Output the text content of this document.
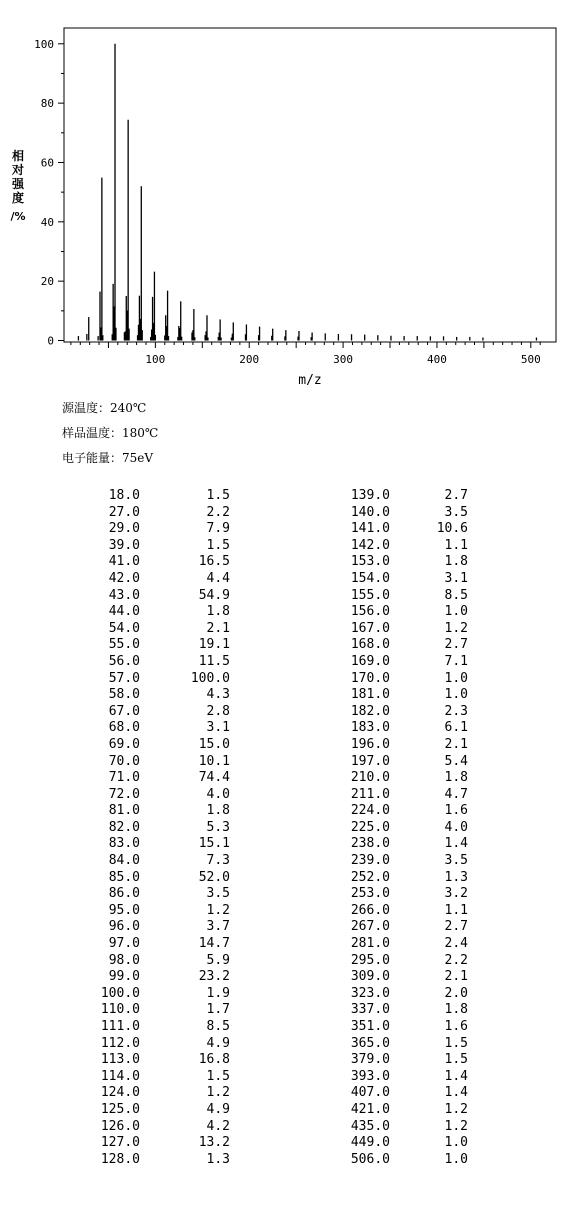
0
20
40
60
80
100
100	200	300	400	500
m/z
相对强度/%
源温度：240℃
样品温度：180℃
电子能量：75eV
18.0	1.5
27.0	2.2
29.0	7.9
39.0	1.5
41.0	16.5
42.0	4.4
43.0	54.9
44.0	1.8
54.0	2.1
55.0	19.1
56.0	11.5
57.0	100.0
58.0	4.3
67.0	2.8
68.0	3.1
69.0	15.0
70.0	10.1
71.0	74.4
72.0	4.0
81.0	1.8
82.0	5.3
83.0	15.1
84.0	7.3
85.0	52.0
86.0	3.5
95.0	1.2
96.0	3.7
97.0	14.7
98.0	5.9
99.0	23.2
100.0	1.9
110.0	1.7
111.0	8.5
112.0	4.9
113.0	16.8
114.0	1.5
124.0	1.2
125.0	4.9
126.0	4.2
127.0	13.2
128.0	1.3
139.0	2.7
140.0	3.5
141.0	10.6
142.0	1.1
153.0	1.8
154.0	3.1
155.0	8.5
156.0	1.0
167.0	1.2
168.0	2.7
169.0	7.1
170.0	1.0
181.0	1.0
182.0	2.3
183.0	6.1
196.0	2.1
197.0	5.4
210.0	1.8
211.0	4.7
224.0	1.6
225.0	4.0
238.0	1.4
239.0	3.5
252.0	1.3
253.0	3.2
266.0	1.1
267.0	2.7
281.0	2.4
295.0	2.2
309.0	2.1
323.0	2.0
337.0	1.8
351.0	1.6
365.0	1.5
379.0	1.5
393.0	1.4
407.0	1.4
421.0	1.2
435.0	1.2
449.0	1.0
506.0	1.0
